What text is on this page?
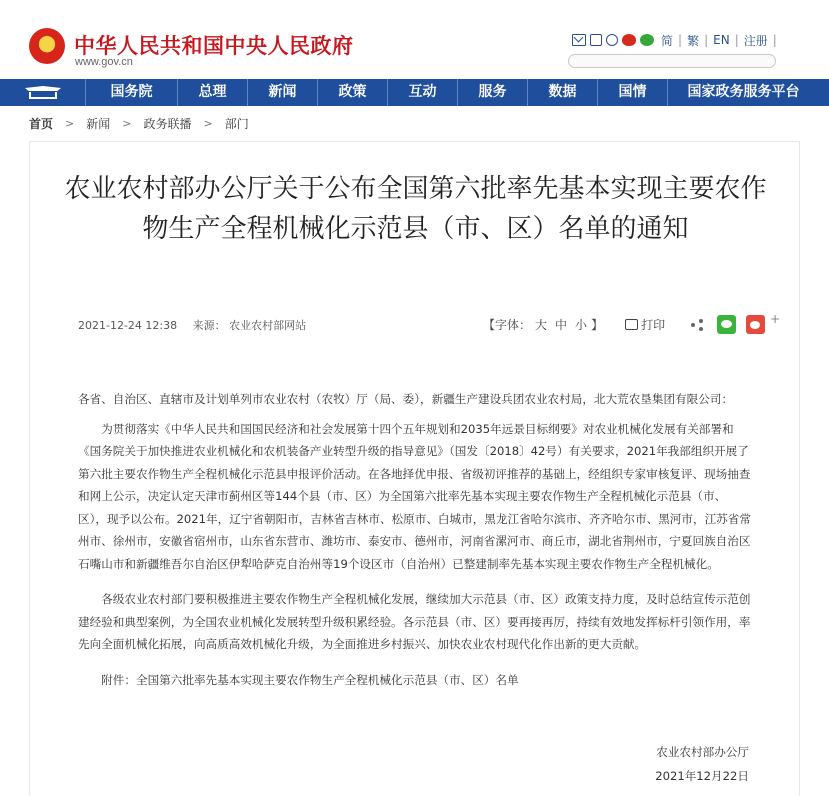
中华人民共和国中央人民政府
www.gov.cn
简 | 繁 | EN | 注册 |
国务院	总理	新闻	政策	互动	服务	数据	国情	国家政务服务平台
首页 > 新闻 > 政务联播 > 部门
农业农村部办公厅关于公布全国第六批率先基本实现主要农作物生产全程机械化示范县（市、区）名单的通知
2021-12-24 12:38 来源： 农业农村部网站	【字体： 大 中 小 】	打印	+

各省、自治区、直辖市及计划单列市农业农村（农牧）厅（局、委），新疆生产建设兵团农业农村局，北大荒农垦集团有限公司：

为贯彻落实《中华人民共和国国民经济和社会发展第十四个五年规划和2035年远景目标纲要》对农业机械化发展有关部署和《国务院关于加快推进农业机械化和农机装备产业转型升级的指导意见》（国发〔2018〕42号）有关要求，2021年我部组织开展了第六批主要农作物生产全程机械化示范县申报评价活动。在各地择优申报、省级初评推荐的基础上，经组织专家审核复评、现场抽查和网上公示，决定认定天津市蓟州区等144个县（市、区）为全国第六批率先基本实现主要农作物生产全程机械化示范县（市、区），现予以公布。2021年，辽宁省朝阳市，吉林省吉林市、松原市、白城市，黑龙江省哈尔滨市、齐齐哈尔市、黑河市，江苏省常州市、徐州市，安徽省宿州市，山东省东营市、潍坊市、泰安市、德州市，河南省漯河市、商丘市，湖北省荆州市，宁夏回族自治区石嘴山市和新疆维吾尔自治区伊犁哈萨克自治州等19个设区市（自治州）已整建制率先基本实现主要农作物生产全程机械化。

各级农业农村部门要积极推进主要农作物生产全程机械化发展，继续加大示范县（市、区）政策支持力度，及时总结宣传示范创建经验和典型案例，为全国农业机械化发展转型升级积累经验。各示范县（市、区）要再接再厉，持续有效地发挥标杆引领作用，率先向全面机械化拓展，向高质高效机械化升级，为全面推进乡村振兴、加快农业农村现代化作出新的更大贡献。

附件：全国第六批率先基本实现主要农作物生产全程机械化示范县（市、区）名单

农业农村部办公厅
2021年12月22日
